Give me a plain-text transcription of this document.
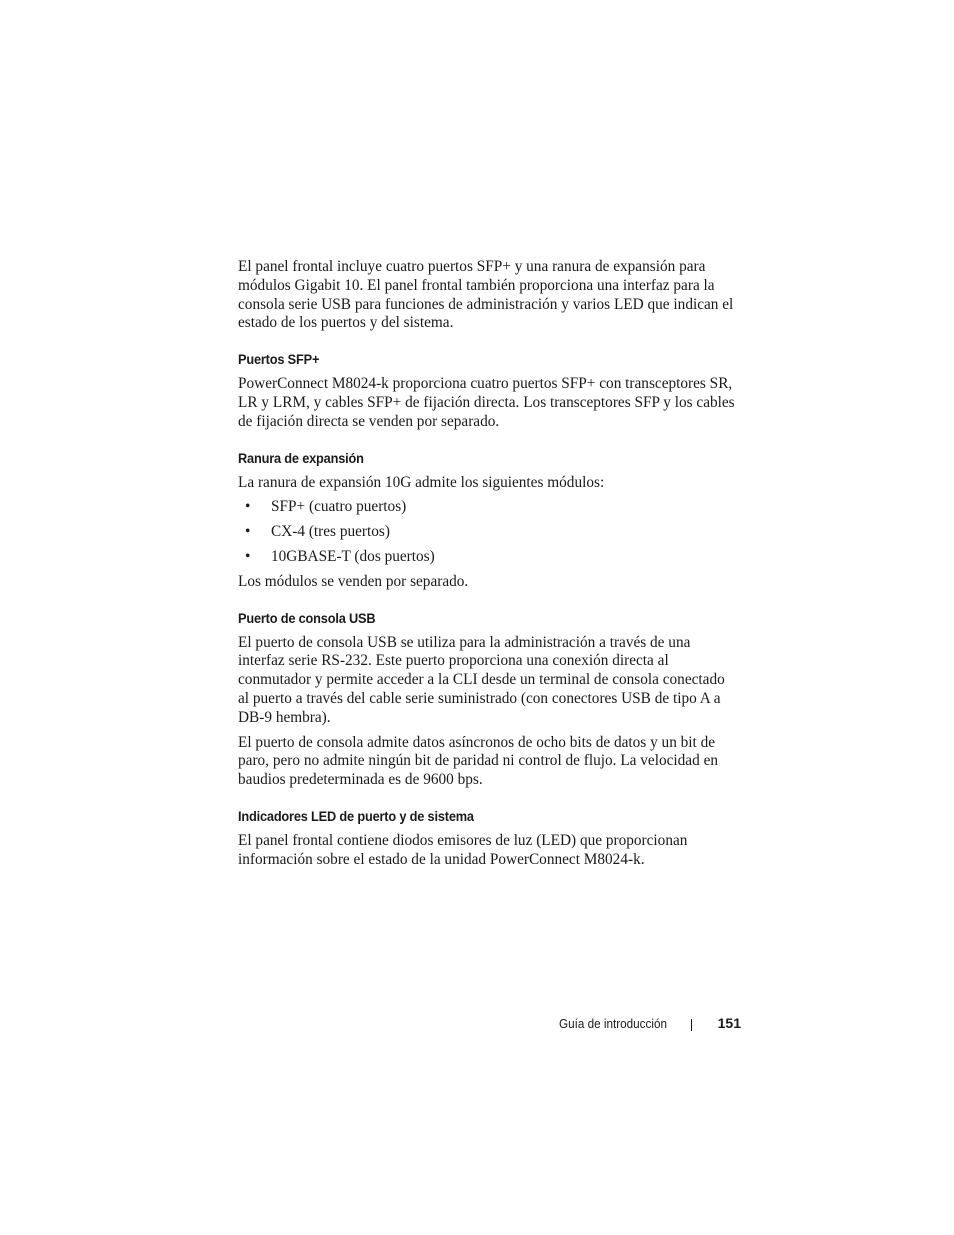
El panel frontal incluye cuatro puertos SFP+ y una ranura de expansión para módulos Gigabit 10. El panel frontal también proporciona una interfaz para la consola serie USB para funciones de administración y varios LED que indican el estado de los puertos y del sistema.

Puertos SFP+

PowerConnect M8024-k proporciona cuatro puertos SFP+ con transceptores SR, LR y LRM, y cables SFP+ de fijación directa. Los transceptores SFP y los cables de fijación directa se venden por separado.

Ranura de expansión

La ranura de expansión 10G admite los siguientes módulos:

• SFP+ (cuatro puertos)
• CX-4 (tres puertos)
• 10GBASE-T (dos puertos)

Los módulos se venden por separado.

Puerto de consola USB

El puerto de consola USB se utiliza para la administración a través de una interfaz serie RS-232. Este puerto proporciona una conexión directa al conmutador y permite acceder a la CLI desde un terminal de consola conectado al puerto a través del cable serie suministrado (con conectores USB de tipo A a DB-9 hembra).

El puerto de consola admite datos asíncronos de ocho bits de datos y un bit de paro, pero no admite ningún bit de paridad ni control de flujo. La velocidad en baudios predeterminada es de 9600 bps.

Indicadores LED de puerto y de sistema

El panel frontal contiene diodos emisores de luz (LED) que proporcionan información sobre el estado de la unidad PowerConnect M8024-k.

Guía de introducción	151
